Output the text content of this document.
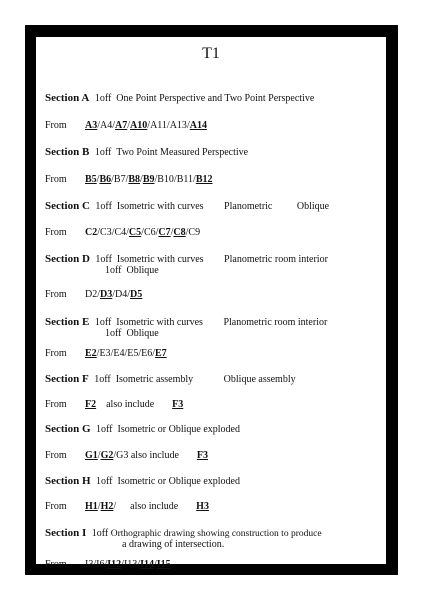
T1
Section A 1off One Point Perspective and Two Point Perspective
From A3/A4/A7/A10/A11/A13/A14
Section B 1off Two Point Measured Perspective
From B5/B6/B7/B8/B9/B10/B11/B12
Section C 1off Isometric with curves Planometric Oblique
From C2/C3/C4/C5/C6/C7/C8/C9
Section D 1off Isometric with curves Planometric room interior
1off Oblique
From D2/D3/D4/D5
Section E 1off Isometric with curves Planometric room interior
1off Oblique
From E2/E3/E4/E5/E6/E7
Section F 1off Isometric assembly	Oblique assembly
From F2 also include F3
Section G 1off Isometric or Oblique exploded
From G1/G2/G3 also include F3
Section H 1off Isometric or Oblique exploded
From H1/H2/ also include H3
Section I 1off Orthographic drawing showing construction to produce
a drawing of intersection.
From I3/I6/I12/I13/I14/I15
